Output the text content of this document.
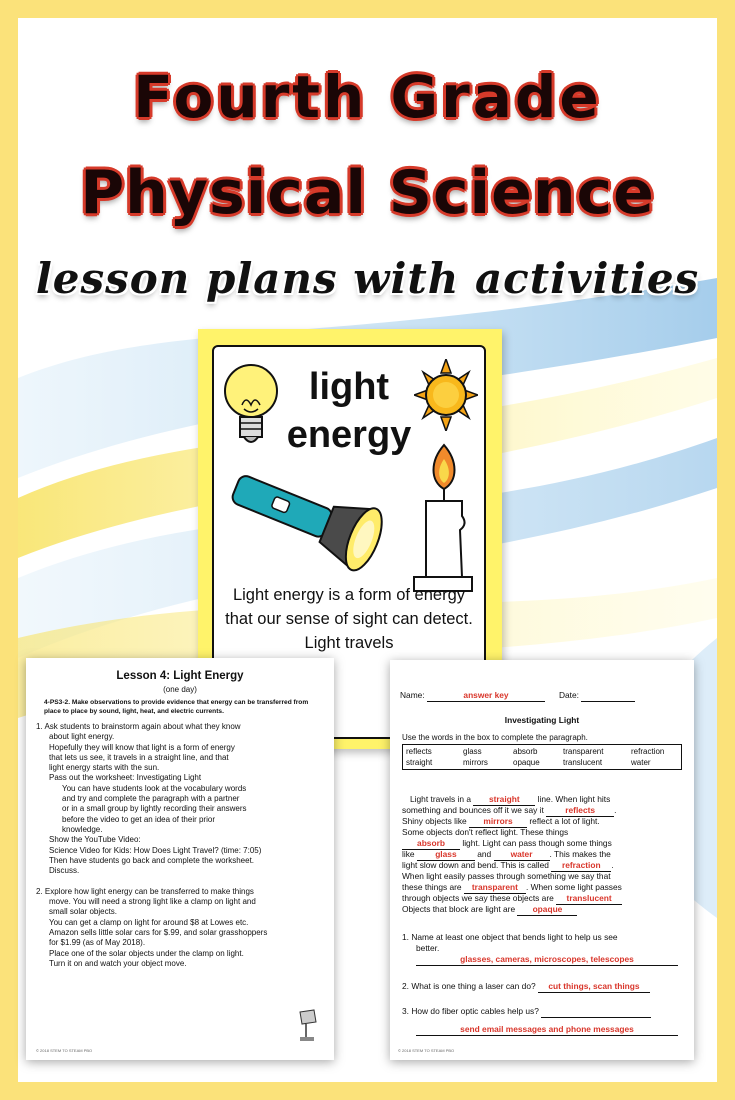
Fourth Grade
Physical Science
lesson plans with activities
light
energy
Light energy is a form of energy that our sense of sight can detect. Light travels
Lesson 4: Light Energy
(one day)
4-PS3-2. Make observations to provide evidence that energy can be transferred from place to place by sound, light, heat, and electric currents.
1. Ask students to brainstorm again about what they know
about light energy.
Hopefully they will know that light is a form of energy
that lets us see, it travels in a straight line, and that
light energy starts with the sun.
Pass out the worksheet: Investigating Light
You can have students look at the vocabulary words
and try and complete the paragraph with a partner
or in a small group by lightly recording their answers
before the video to get an idea of their prior
knowledge.
Show the YouTube Video:
Science Video for Kids: How Does Light Travel? (time: 7:05)
Then have students go back and complete the worksheet.
Discuss.
2. Explore how light energy can be transferred to make things
move. You will need a strong light like a clamp on light and
small solar objects.
You can get a clamp on light for around $8 at Lowes etc.
Amazon sells little solar cars for $.99, and solar grasshoppers
for $1.99 (as of May 2018).
Place one of the solar objects under the clamp on light.
Turn it on and watch your object move.
© 2018 STEM TO STEAM PBO
Name:	answer key	Date:
Investigating Light
Use the words in the box to complete the paragraph.
reflects	glass	absorb	transparent	refraction
straight	mirrors	opaque	translucent	water
Light travels in a straight line. When light hits
something and bounces off it we say it	reflects .
Shiny objects like mirrors reflect a lot of light.
Some objects don't reflect light. These things
absorb light. Light can pass though some things
like glass and water . This makes the
light slow down and bend. This is called refraction .
When light easily passes through something we say that
these things are transparent . When some light passes
through objects we say these objects are translucent
Objects that block are light are opaque
1. Name at least one object that bends light to help us see
better.
glasses, cameras, microscopes, telescopes
2. What is one thing a laser can do? cut things, scan things
3. How do fiber optic cables help us?
send email messages and phone messages
© 2018 STEM TO STEAM PBO
